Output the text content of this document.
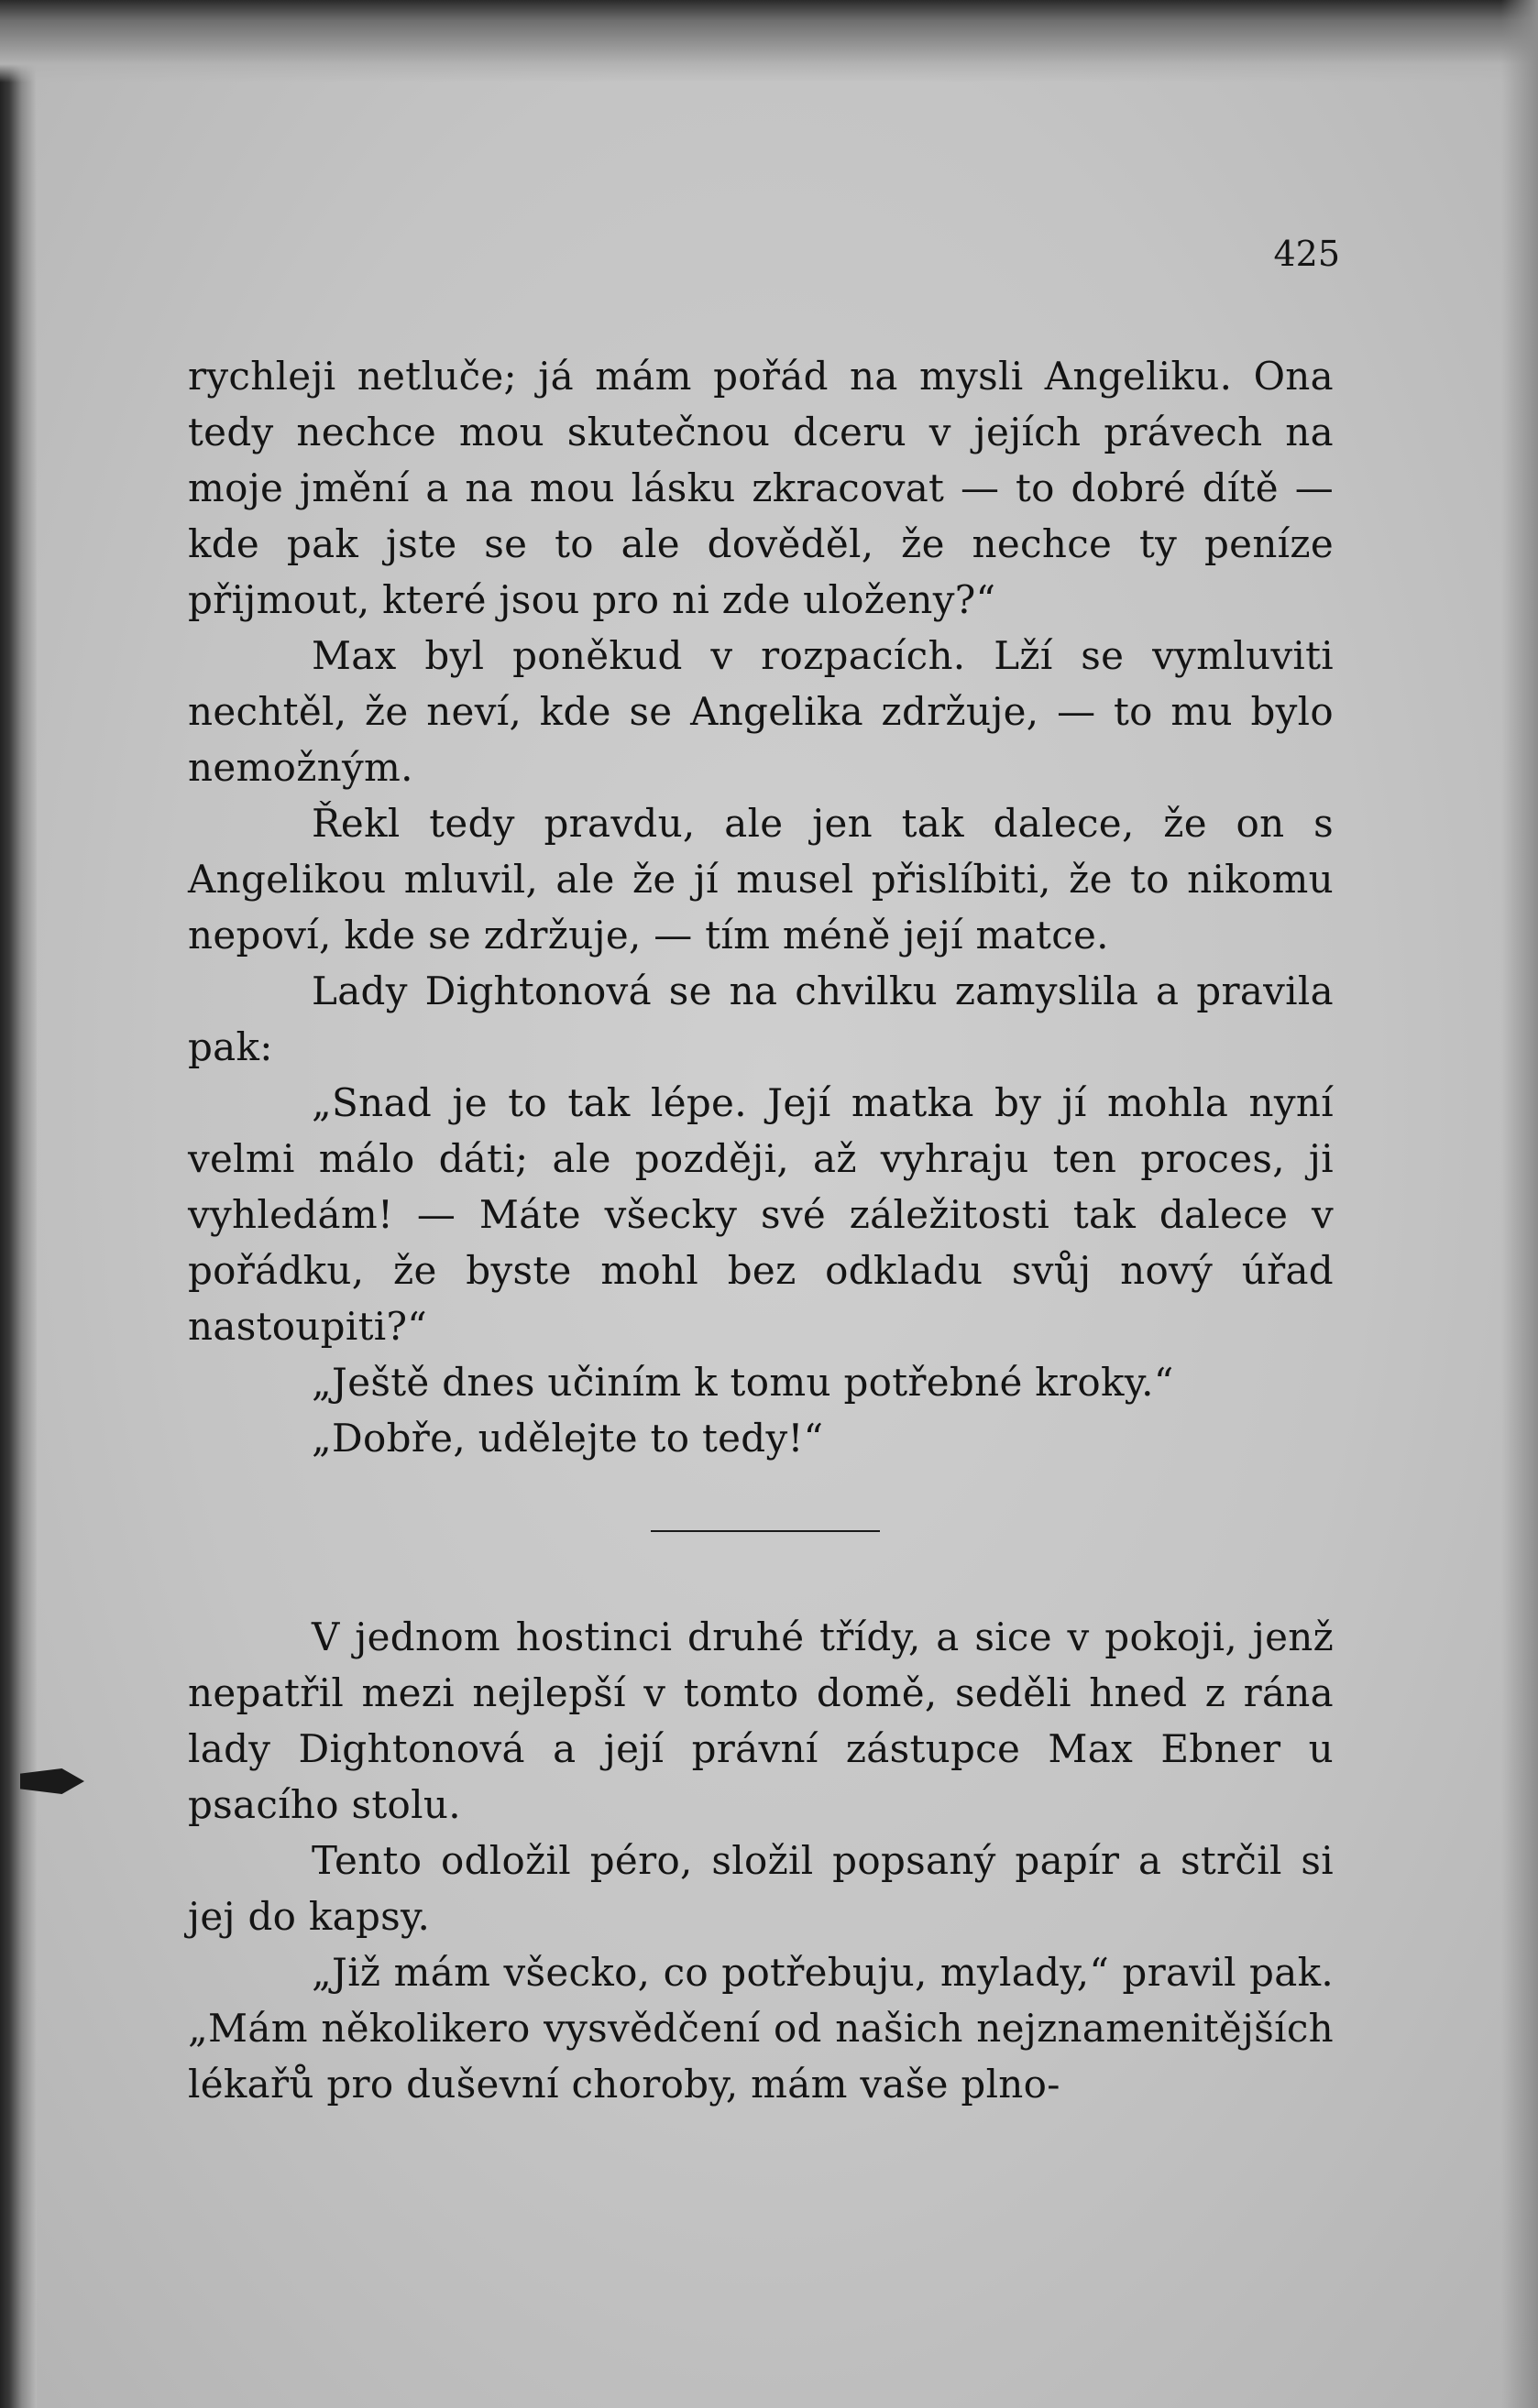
425

rychleji netluče; já mám pořád na mysli Angeliku. Ona tedy nechce mou skutečnou dceru v jejích právech na moje jmění a na mou lásku zkracovat — to dobré dítě — kde pak jste se to ale dověděl, že nechce ty peníze přijmout, které jsou pro ni zde uloženy?“

Max byl poněkud v rozpacích. Lží se vymluviti nechtěl, že neví, kde se Angelika zdržuje, — to mu bylo nemožným.

Řekl tedy pravdu, ale jen tak dalece, že on s Angelikou mluvil, ale že jí musel přislíbiti, že to nikomu nepoví, kde se zdržuje, — tím méně její matce.

Lady Dightonová se na chvilku zamyslila a pravila pak:

„Snad je to tak lépe. Její matka by jí mohla nyní velmi málo dáti; ale později, až vyhraju ten proces, ji vyhledám! — Máte všecky své záležitosti tak dalece v pořádku, že byste mohl bez odkladu svůj nový úřad nastoupiti?“

„Ještě dnes učiním k tomu potřebné kroky.“

„Dobře, udělejte to tedy!“

V jednom hostinci druhé třídy, a sice v pokoji, jenž nepatřil mezi nejlepší v tomto domě, seděli hned z rána lady Dightonová a její právní zástupce Max Ebner u psacího stolu.

Tento odložil péro, složil popsaný papír a strčil si jej do kapsy.

„Již mám všecko, co potřebuju, mylady,“ pravil pak. „Mám několikero vysvědčení od našich nejznamenitějších lékařů pro duševní choroby, mám vaše plno-
